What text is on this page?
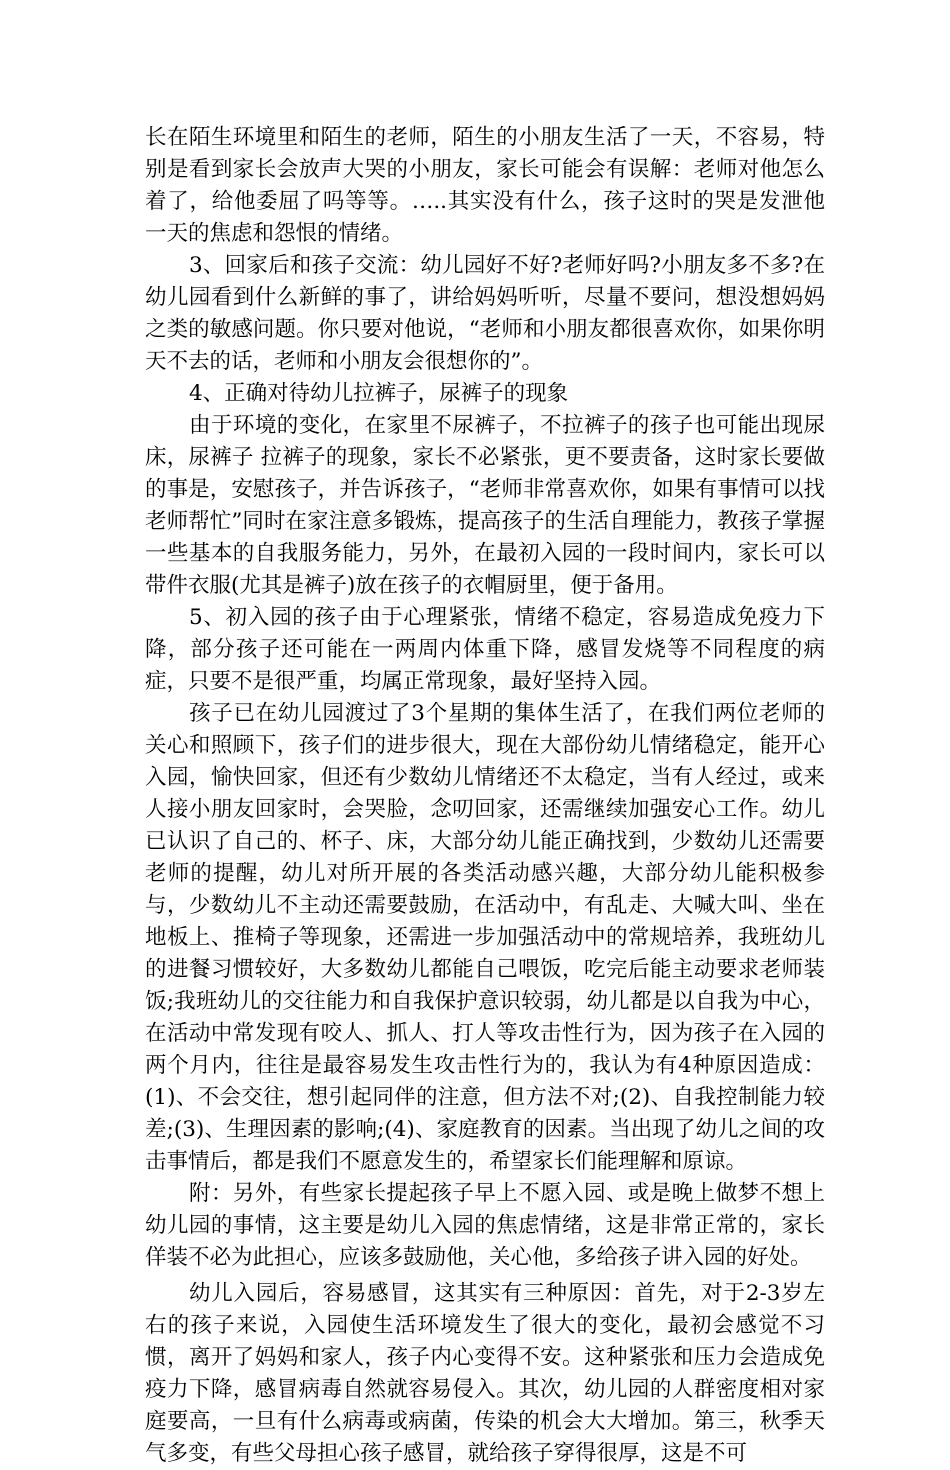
长在陌生环境里和陌生的老师，陌生的小朋友生活了一天，不容易，特别是看到家长会放声大哭的小朋友，家长可能会有误解：老师对他怎么着了，给他委屈了吗等等。…..其实没有什么，孩子这时的哭是发泄他一天的焦虑和怨恨的情绪。

3、回家后和孩子交流：幼儿园好不好?老师好吗?小朋友多不多?在幼儿园看到什么新鲜的事了，讲给妈妈听听，尽量不要问，想没想妈妈之类的敏感问题。你只要对他说，“老师和小朋友都很喜欢你，如果你明天不去的话，老师和小朋友会很想你的”。

4、正确对待幼儿拉裤子，尿裤子的现象

由于环境的变化，在家里不尿裤子，不拉裤子的孩子也可能出现尿床，尿裤子 拉裤子的现象，家长不必紧张，更不要责备，这时家长要做的事是，安慰孩子，并告诉孩子，“老师非常喜欢你，如果有事情可以找老师帮忙”同时在家注意多锻炼，提高孩子的生活自理能力，教孩子掌握一些基本的自我服务能力，另外，在最初入园的一段时间内，家长可以带件衣服(尤其是裤子)放在孩子的衣帽厨里，便于备用。

5、初入园的孩子由于心理紧张，情绪不稳定，容易造成免疫力下降，部分孩子还可能在一两周内体重下降，感冒发烧等不同程度的病症，只要不是很严重，均属正常现象，最好坚持入园。

孩子已在幼儿园渡过了3个星期的集体生活了，在我们两位老师的关心和照顾下，孩子们的进步很大，现在大部份幼儿情绪稳定，能开心入园，愉快回家，但还有少数幼儿情绪还不太稳定，当有人经过，或来人接小朋友回家时，会哭脸，念叨回家，还需继续加强安心工作。幼儿已认识了自己的、杯子、床，大部分幼儿能正确找到，少数幼儿还需要老师的提醒，幼儿对所开展的各类活动感兴趣，大部分幼儿能积极参与，少数幼儿不主动还需要鼓励，在活动中，有乱走、大喊大叫、坐在地板上、推椅子等现象，还需进一步加强活动中的常规培养，我班幼儿的进餐习惯较好，大多数幼儿都能自己喂饭，吃完后能主动要求老师装饭;我班幼儿的交往能力和自我保护意识较弱，幼儿都是以自我为中心，在活动中常发现有咬人、抓人、打人等攻击性行为，因为孩子在入园的两个月内，往往是最容易发生攻击性行为的，我认为有4种原因造成：(1)、不会交往，想引起同伴的注意，但方法不对;(2)、自我控制能力较差;(3)、生理因素的影响;(4)、家庭教育的因素。当出现了幼儿之间的攻击事情后，都是我们不愿意发生的，希望家长们能理解和原谅。

附：另外，有些家长提起孩子早上不愿入园、或是晚上做梦不想上幼儿园的事情，这主要是幼儿入园的焦虑情绪，这是非常正常的，家长佯装不必为此担心，应该多鼓励他，关心他，多给孩子讲入园的好处。

幼儿入园后，容易感冒，这其实有三种原因：首先，对于2-3岁左右的孩子来说，入园使生活环境发生了很大的变化，最初会感觉不习惯，离开了妈妈和家人，孩子内心变得不安。这种紧张和压力会造成免疫力下降，感冒病毒自然就容易侵入。其次，幼儿园的人群密度相对家庭要高，一旦有什么病毒或病菌，传染的机会大大增加。第三，秋季天气多变，有些父母担心孩子感冒，就给孩子穿得很厚，这是不可
